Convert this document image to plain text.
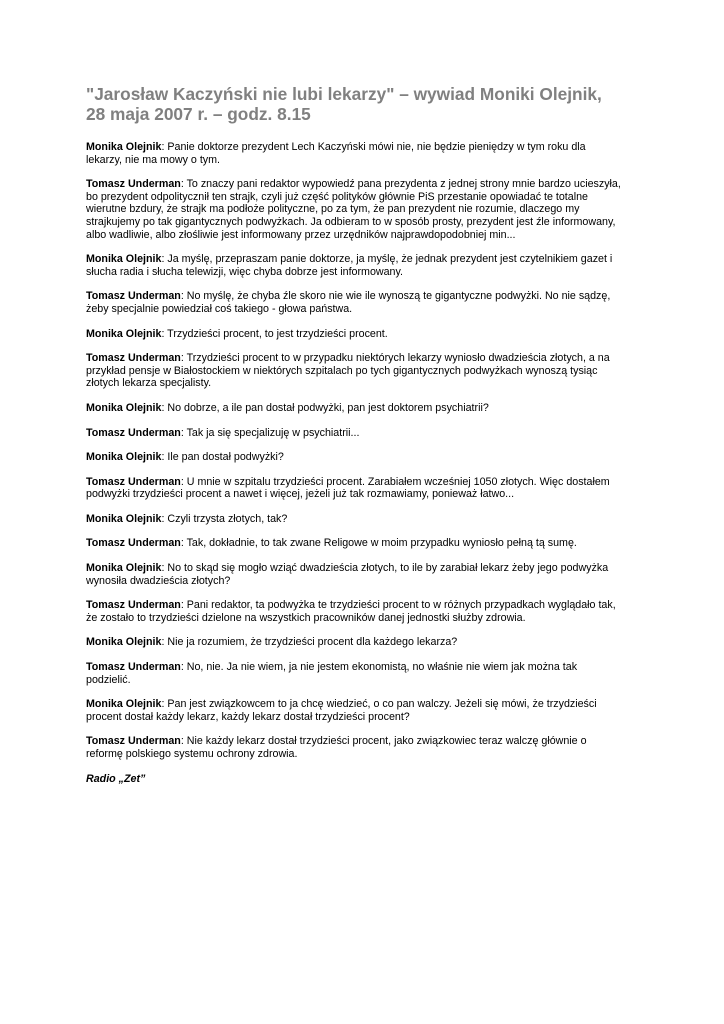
"Jarosław Kaczyński nie lubi lekarzy" – wywiad Moniki Olejnik,
28 maja 2007 r. – godz. 8.15

Monika Olejnik: Panie doktorze prezydent Lech Kaczyński mówi nie, nie będzie pieniędzy w tym roku dla
lekarzy, nie ma mowy o tym.

Tomasz Underman: To znaczy pani redaktor wypowiedź pana prezydenta z jednej strony mnie bardzo ucieszyła,
bo prezydent odpolitycznił ten strajk, czyli już część polityków głównie PiS przestanie opowiadać te totalne
wierutne bzdury, że strajk ma podłoże polityczne, po za tym, że pan prezydent nie rozumie, dlaczego my
strajkujemy po tak gigantycznych podwyżkach. Ja odbieram to w sposób prosty, prezydent jest źle informowany,
albo wadliwie, albo złośliwie jest informowany przez urzędników najprawdopodobniej min...

Monika Olejnik: Ja myślę, przepraszam panie doktorze, ja myślę, że jednak prezydent jest czytelnikiem gazet i
słucha radia i słucha telewizji, więc chyba dobrze jest informowany.

Tomasz Underman: No myślę, że chyba źle skoro nie wie ile wynoszą te gigantyczne podwyżki. No nie sądzę,
żeby specjalnie powiedział coś takiego - głowa państwa.

Monika Olejnik: Trzydzieści procent, to jest trzydzieści procent.

Tomasz Underman: Trzydzieści procent to w przypadku niektórych lekarzy wyniosło dwadzieścia złotych, a na
przykład pensje w Białostockiem w niektórych szpitalach po tych gigantycznych podwyżkach wynoszą tysiąc
złotych lekarza specjalisty.

Monika Olejnik: No dobrze, a ile pan dostał podwyżki, pan jest doktorem psychiatrii?

Tomasz Underman: Tak ja się specjalizuję w psychiatrii...

Monika Olejnik: Ile pan dostał podwyżki?

Tomasz Underman: U mnie w szpitalu trzydzieści procent. Zarabiałem wcześniej 1050 złotych. Więc dostałem
podwyżki trzydzieści procent a nawet i więcej, jeżeli już tak rozmawiamy, ponieważ łatwo...

Monika Olejnik: Czyli trzysta złotych, tak?

Tomasz Underman: Tak, dokładnie, to tak zwane Religowe w moim przypadku wyniosło pełną tą sumę.

Monika Olejnik: No to skąd się mogło wziąć dwadzieścia złotych, to ile by zarabiał lekarz żeby jego podwyżka
wynosiła dwadzieścia złotych?

Tomasz Underman: Pani redaktor, ta podwyżka te trzydzieści procent to w różnych przypadkach wyglądało tak,
że zostało to trzydzieści dzielone na wszystkich pracowników danej jednostki służby zdrowia.

Monika Olejnik: Nie ja rozumiem, że trzydzieści procent dla każdego lekarza?

Tomasz Underman: No, nie. Ja nie wiem, ja nie jestem ekonomistą, no właśnie nie wiem jak można tak
podzielić.

Monika Olejnik: Pan jest związkowcem to ja chcę wiedzieć, o co pan walczy. Jeżeli się mówi, że trzydzieści
procent dostał każdy lekarz, każdy lekarz dostał trzydzieści procent?

Tomasz Underman: Nie każdy lekarz dostał trzydzieści procent, jako związkowiec teraz walczę głównie o
reformę polskiego systemu ochrony zdrowia.

Radio „Zet”
